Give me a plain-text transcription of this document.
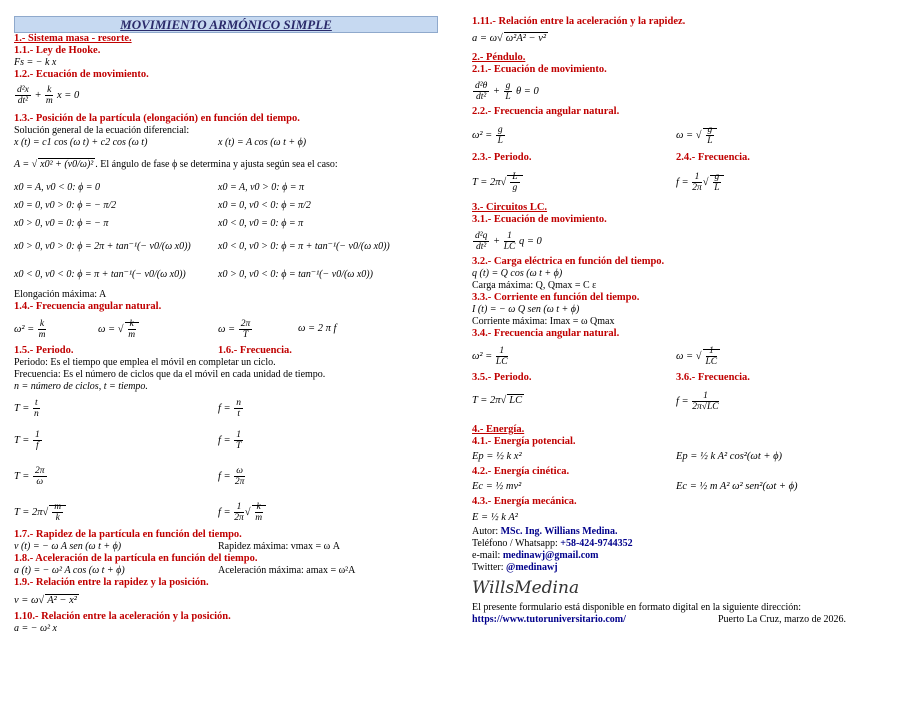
MOVIMIENTO ARMÓNICO SIMPLE
1.- Sistema masa - resorte.
1.1.- Ley de Hooke.
Fs = − k x
1.2.- Ecuación de movimiento.
$\frac{\text{d²x}}{\text{dt²}} + \frac{k}{m}$ x = 0
1.3.- Posición de la partícula (elongación) en función del tiempo.
Solución general de la ecuación diferencial:
x (t) = c1 cos (ω t) + c2 cos (ω t)	x (t) = A cos (ω t + ϕ)
A = √ x0² + (v0/ω)² . El ángulo de fase ϕ se determina y ajusta según sea el caso:
x0 = A, v0 < 0: ϕ = 0	x0 = A, v0 > 0: ϕ = π
x0 = 0, v0 > 0: ϕ = − π/2	x0 = 0, v0 < 0: ϕ = π/2
x0 > 0, v0 = 0: ϕ = − π	x0 < 0, v0 = 0: ϕ = π
x0 > 0, v0 > 0: ϕ = 2π + tan⁻¹(− v0/(ω x0))	x0 < 0, v0 > 0: ϕ = π + tan⁻¹(− v0/(ω x0))
x0 < 0, v0 < 0: ϕ = π + tan⁻¹(− v0/(ω x0))	x0 > 0, v0 < 0: ϕ = tan⁻¹(− v0/(ω x0))
Elongación máxima: A
1.4.- Frecuencia angular natural.
$\omega^2 = \frac{k}{m}$	ω = √ $\frac{k}{m}$	$\omega = \frac{2\pi}{T}$	ω = 2 π f
1.5.- Periodo.	1.6.- Frecuencia.
Periodo: Es el tiempo que emplea el móvil en completar un ciclo.
Frecuencia: Es el número de ciclos que da el móvil en cada unidad de tiempo.
n = número de ciclos, t = tiempo.
$T = \frac{t}{n}$	$f = \frac{n}{t}$
$T = \frac{1}{f}$	$f = \frac{1}{T}$
$T = \frac{2\pi}{\omega}$	$f = \frac{\omega}{2\pi}$
$T = 2\pi√ \frac{m}{k}$	$f = \frac{1}{2\pi}$ √ $\frac{k}{m}$
1.7.- Rapidez de la partícula en función del tiempo.
v (t) = − ω A sen (ω t + ϕ)	Rapidez máxima: vmax = ω A
1.8.- Aceleración de la partícula en función del tiempo.
a (t) = − ω² A cos (ω t + ϕ)	Aceleración máxima: amax = ω²A
1.9.- Relación entre la rapidez y la posición.
v = ω√ A² − x²
1.10.- Relación entre la aceleración y la posición.
a = − ω² x
1.11.- Relación entre la aceleración y la rapidez.
a = ω√ ω²A² − v²
2.- Péndulo.
2.1.- Ecuación de movimiento.
$\frac{\text{d²θ}}{\text{dt²}} + \frac{g}{L}$ θ = 0
2.2.- Frecuencia angular natural.
$\omega^2 = \frac{g}{L}$	ω = √ $\frac{g}{L}$
2.3.- Periodo.	2.4.- Frecuencia.
$T = 2\pi√ \frac{L}{g}$	$f = \frac{1}{2\pi}$ √ $\frac{g}{L}$
3.- Circuitos LC.
3.1.- Ecuación de movimiento.
$\frac{\text{d²q}}{\text{dt²}} + \frac{1}{LC}$ q = 0
3.2.- Carga eléctrica en función del tiempo.
q (t) = Q cos (ω t + ϕ)
Carga máxima: Q, Qmax = C ε
3.3.- Corriente en función del tiempo.
I (t) = − ω Q sen (ω t + ϕ)
Corriente máxima: Imax = ω Qmax
3.4.- Frecuencia angular natural.
$\omega^2 = \frac{1}{LC}$	ω = √ $\frac{1}{LC}$
3.5.- Periodo.	3.6.- Frecuencia.
T = 2π√ LC	$f = \frac{1}{2\pi√LC}$
4.- Energía.
4.1.- Energía potencial.
Ep = ½ k x²	Ep = ½ k A² cos²(ωt + ϕ)
4.2.- Energía cinética.
Ec = ½ mv²	Ec = ½ m A² ω² sen²(ωt + ϕ)
4.3.- Energía mecánica.
E = ½ k A²
Autor: MSc. Ing. Willians Medina.
Teléfono / Whatsapp: +58-424-9744352
e-mail: medinawj@gmail.com
Twitter: @medinawj
WillsMedina
El presente formulario está disponible en formato digital en la siguiente dirección:
https://www.tutoruniversitario.com/	Puerto La Cruz, marzo de 2026.
